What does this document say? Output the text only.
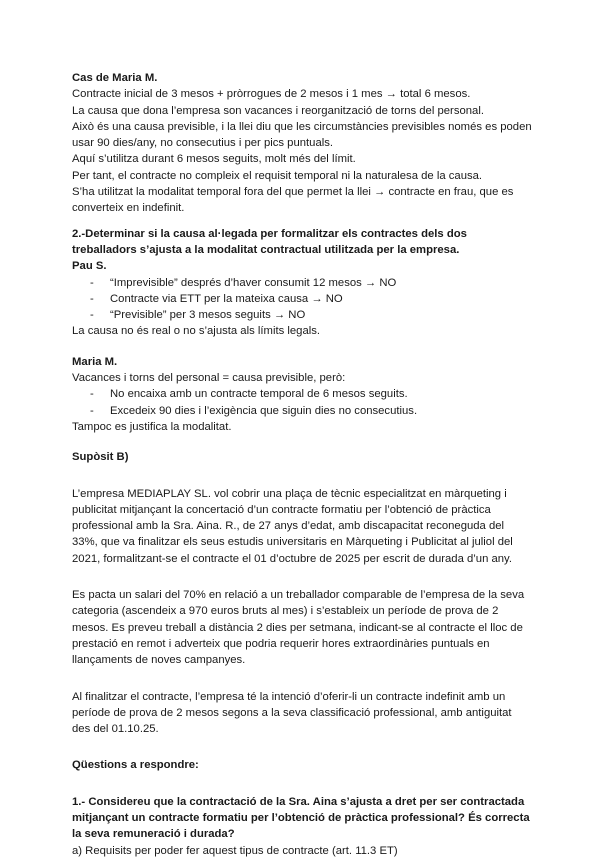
Cas de Maria M.

Contracte inicial de 3 mesos + pròrrogues de 2 mesos i 1 mes → total 6 mesos.

La causa que dona l’empresa son vacances i reorganització de torns del personal.

Això és una causa previsible, i la llei diu que les circumstàncies previsibles només es poden usar 90 dies/any, no consecutius i per pics puntuals.

Aquí s’utilitza durant 6 mesos seguits, molt més del límit.

Per tant, el contracte no compleix el requisit temporal ni la naturalesa de la causa.

S’ha utilitzat la modalitat temporal fora del que permet la llei → contracte en frau, que es converteix en indefinit.

2.-Determinar si la causa al·legada per formalitzar els contractes dels dos treballadors s’ajusta a la modalitat contractual utilitzada per la empresa.

Pau S.

- “Imprevisible” després d’haver consumit 12 mesos → NO
- Contracte via ETT per la mateixa causa → NO
- “Previsible” per 3 mesos seguits → NO

La causa no és real o no s’ajusta als límits legals.

Maria M.

Vacances i torns del personal = causa previsible, però:

- No encaixa amb un contracte temporal de 6 mesos seguits.
- Excedeix 90 dies i l’exigència que siguin dies no consecutius.

Tampoc es justifica la modalitat.

Supòsit B)

L’empresa MEDIAPLAY SL. vol cobrir una plaça de tècnic especialitzat en màrqueting i publicitat mitjançant la concertació d’un contracte formatiu per l’obtenció de pràctica professional amb la Sra. Aina. R., de 27 anys d’edat, amb discapacitat reconeguda del 33%, que va finalitzar els seus estudis universitaris en Màrqueting i Publicitat al juliol del 2021, formalitzant-se el contracte el 01 d’octubre de 2025 per escrit de durada d’un any.

Es pacta un salari del 70% en relació a un treballador comparable de l’empresa de la seva categoria (ascendeix a 970 euros bruts al mes) i s’estableix un període de prova de 2 mesos. Es preveu treball a distància 2 dies per setmana, indicant-se al contracte el lloc de prestació en remot i adverteix que podria requerir hores extraordinàries puntuals en llançaments de noves campanyes.

Al finalitzar el contracte, l’empresa té la intenció d’oferir-li un contracte indefinit amb un període de prova de 2 mesos segons a la seva classificació professional, amb antiguitat des del 01.10.25.

Qüestions a respondre:

1.- Considereu que la contractació de la Sra. Aina s’ajusta a dret per ser contractada mitjançant un contracte formatiu per l’obtenció de pràctica professional? És correcta la seva remuneració i durada?

a) Requisits per poder fer aquest tipus de contracte (art. 11.3 ET)
